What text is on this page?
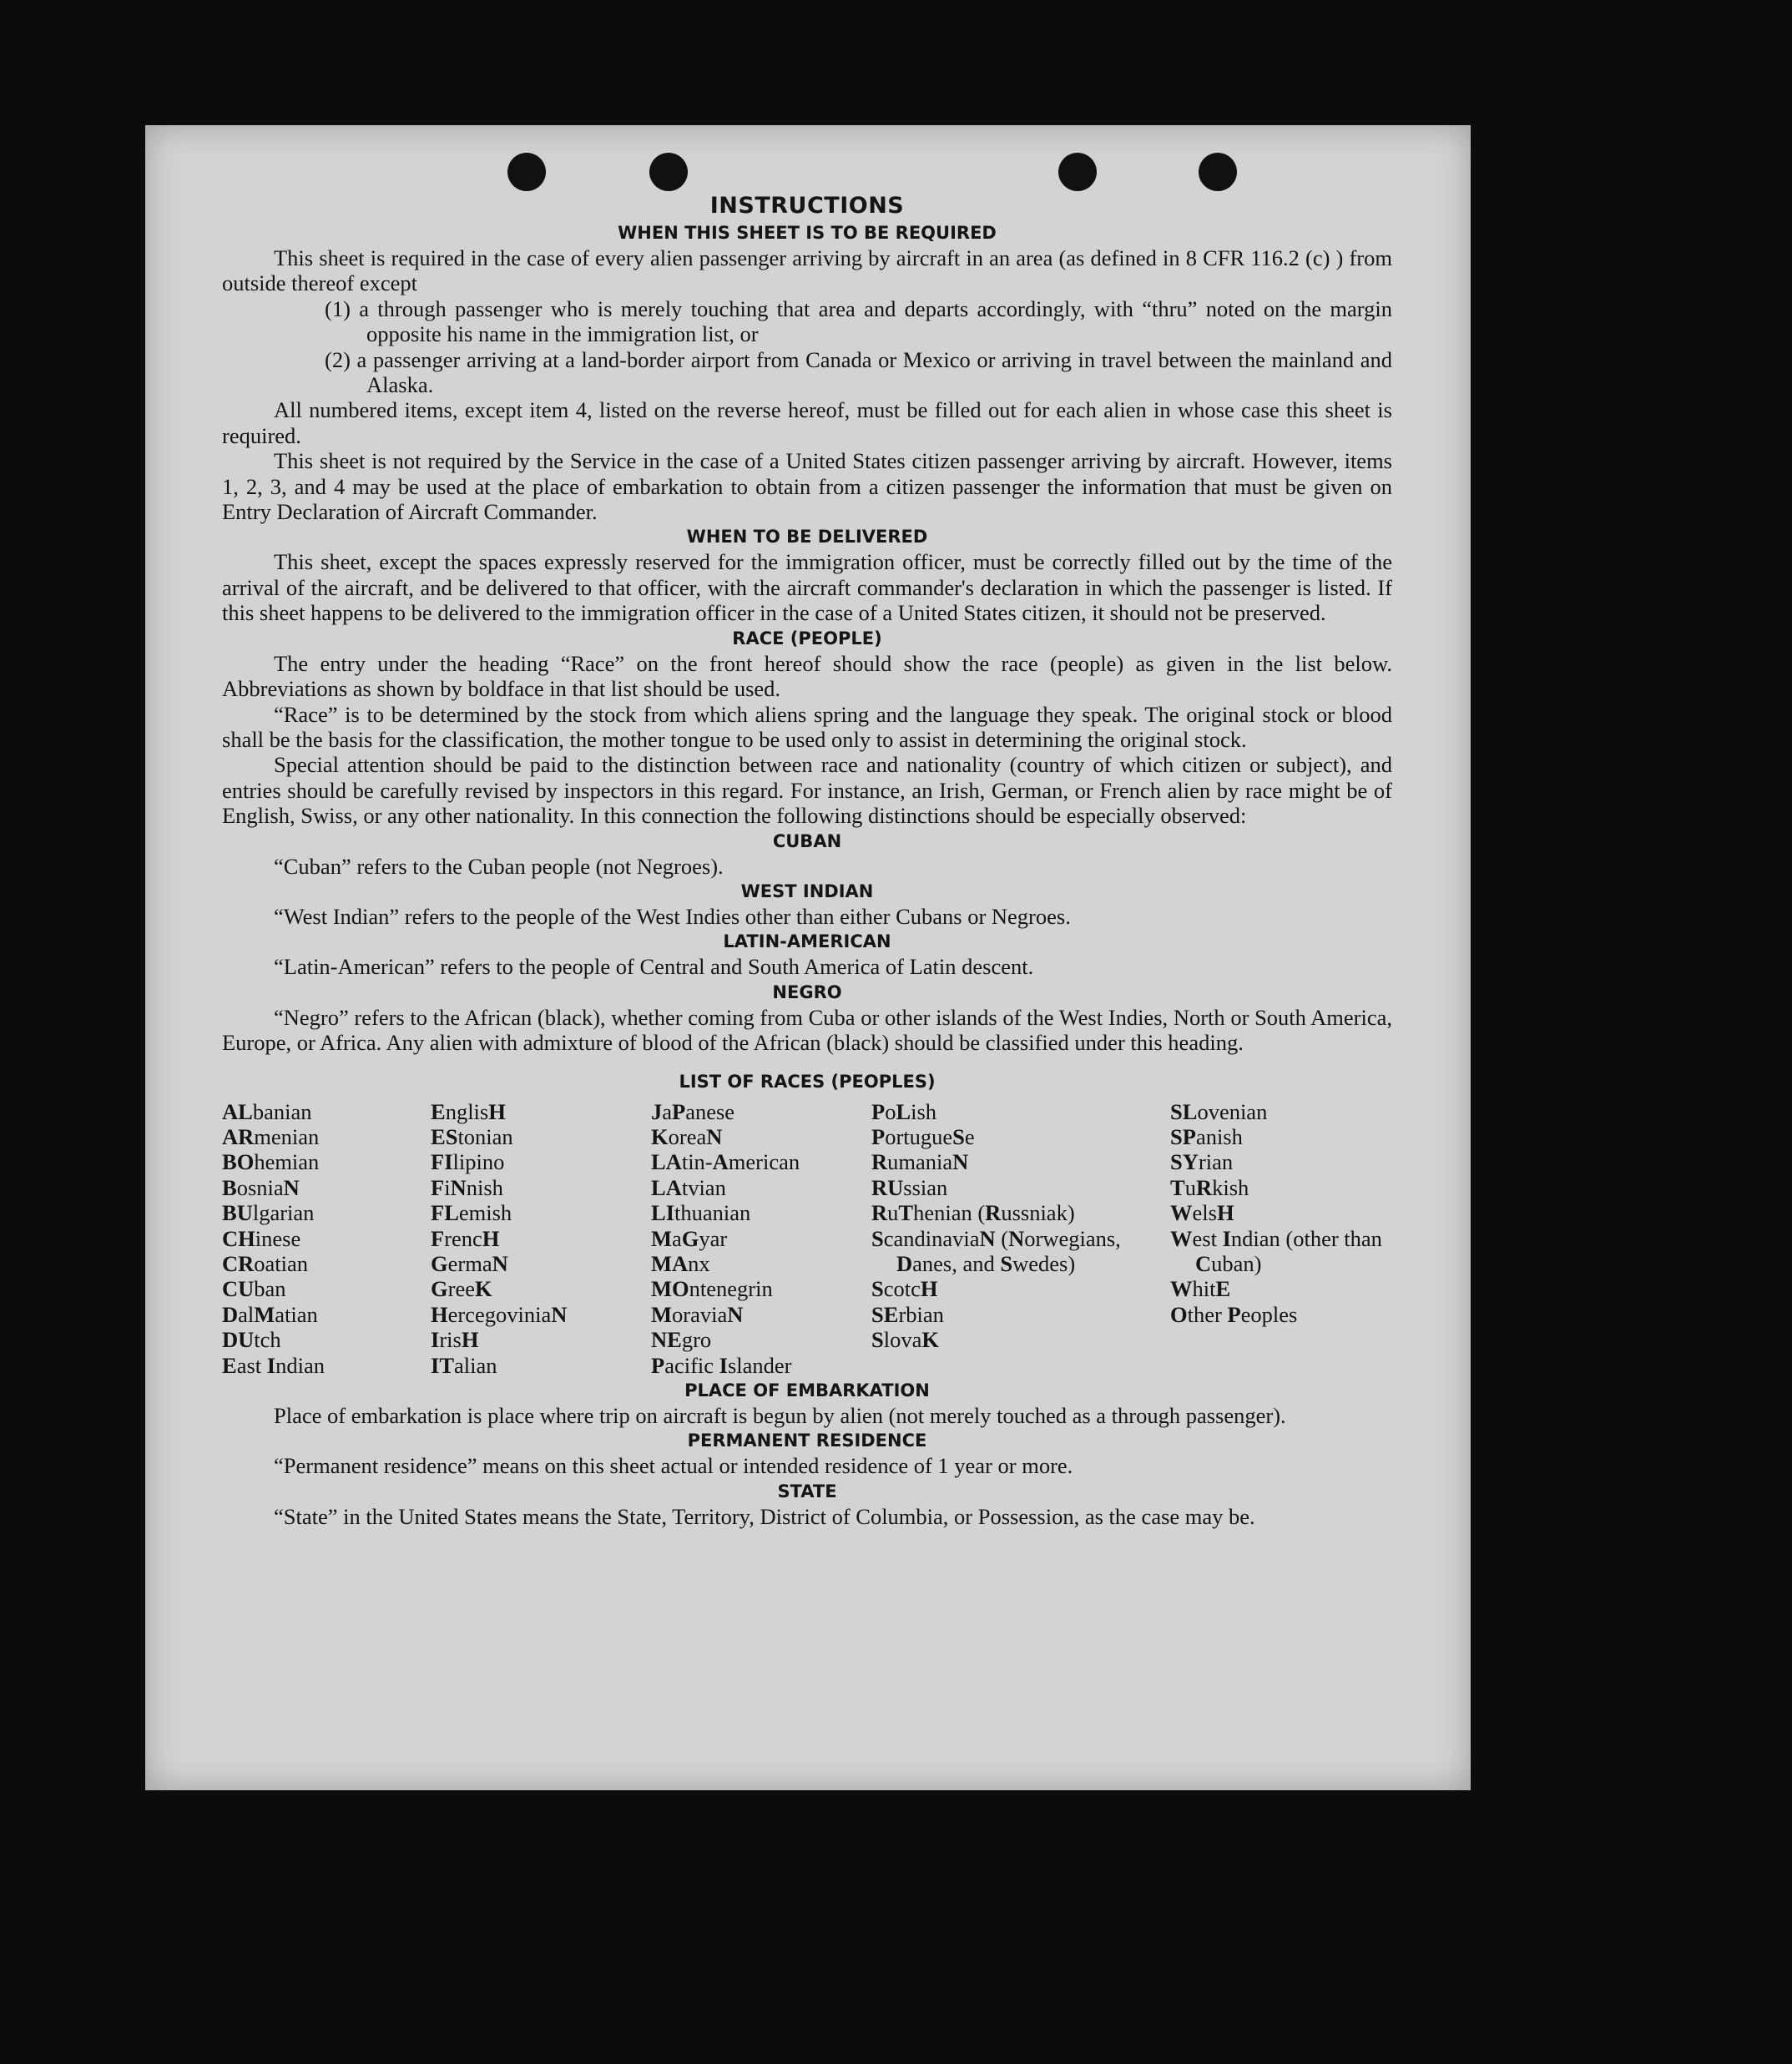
INSTRUCTIONS
WHEN THIS SHEET IS TO BE REQUIRED

This sheet is required in the case of every alien passenger arriving by aircraft in an area (as defined in 8 CFR 116.2 (c) ) from outside thereof except

(1) a through passenger who is merely touching that area and departs accordingly, with “thru” noted on the margin opposite his name in the immigration list, or

(2) a passenger arriving at a land-border airport from Canada or Mexico or arriving in travel between the mainland and Alaska.

All numbered items, except item 4, listed on the reverse hereof, must be filled out for each alien in whose case this sheet is required.

This sheet is not required by the Service in the case of a United States citizen passenger arriving by aircraft. However, items 1, 2, 3, and 4 may be used at the place of embarkation to obtain from a citizen passenger the information that must be given on Entry Declaration of Aircraft Commander.

WHEN TO BE DELIVERED

This sheet, except the spaces expressly reserved for the immigration officer, must be correctly filled out by the time of the arrival of the aircraft, and be delivered to that officer, with the aircraft commander's declaration in which the passenger is listed. If this sheet happens to be delivered to the immigration officer in the case of a United States citizen, it should not be preserved.

RACE (PEOPLE)

The entry under the heading “Race” on the front hereof should show the race (people) as given in the list below. Abbreviations as shown by boldface in that list should be used.

“Race” is to be determined by the stock from which aliens spring and the language they speak. The original stock or blood shall be the basis for the classification, the mother tongue to be used only to assist in determining the original stock.

Special attention should be paid to the distinction between race and nationality (country of which citizen or subject), and entries should be carefully revised by inspectors in this regard. For instance, an Irish, German, or French alien by race might be of English, Swiss, or any other nationality. In this connection the following distinctions should be especially observed:

CUBAN

“Cuban” refers to the Cuban people (not Negroes).

WEST INDIAN

“West Indian” refers to the people of the West Indies other than either Cubans or Negroes.

LATIN-AMERICAN

“Latin-American” refers to the people of Central and South America of Latin descent.

NEGRO

“Negro” refers to the African (black), whether coming from Cuba or other islands of the West Indies, North or South America, Europe, or Africa. Any alien with admixture of blood of the African (black) should be classified under this heading.

LIST OF RACES (PEOPLES)
ALbanian
ARmenian
BOhemian
BosniaN
BUlgarian
CHinese
CRoatian
CUban
DalMatian
DUtch
East Indian
EnglisH
EStonian
FIlipino
FiNnish
FLemish
FrencH
GermaN
GreeK
HercegoviniaN
IrisH
ITalian
JaPanese
KoreaN
LAtin-American
LAtvian
LIthuanian
MaGyar
MAnx
MOntenegrin
MoraviaN
NEgro
Pacific Islander
PoLish
PortugueSe
RumaniaN
RUssian
RuThenian (Russniak)
ScandinaviaN (Norwegians, Danes, and Swedes)
ScotcH
SErbian
SlovaK
SLovenian
SPanish
SYrian
TuRkish
WelsH
West Indian (other than Cuban)
WhitE
Other Peoples
PLACE OF EMBARKATION

Place of embarkation is place where trip on aircraft is begun by alien (not merely touched as a through passenger).

PERMANENT RESIDENCE

“Permanent residence” means on this sheet actual or intended residence of 1 year or more.

STATE

“State” in the United States means the State, Territory, District of Columbia, or Possession, as the case may be.
